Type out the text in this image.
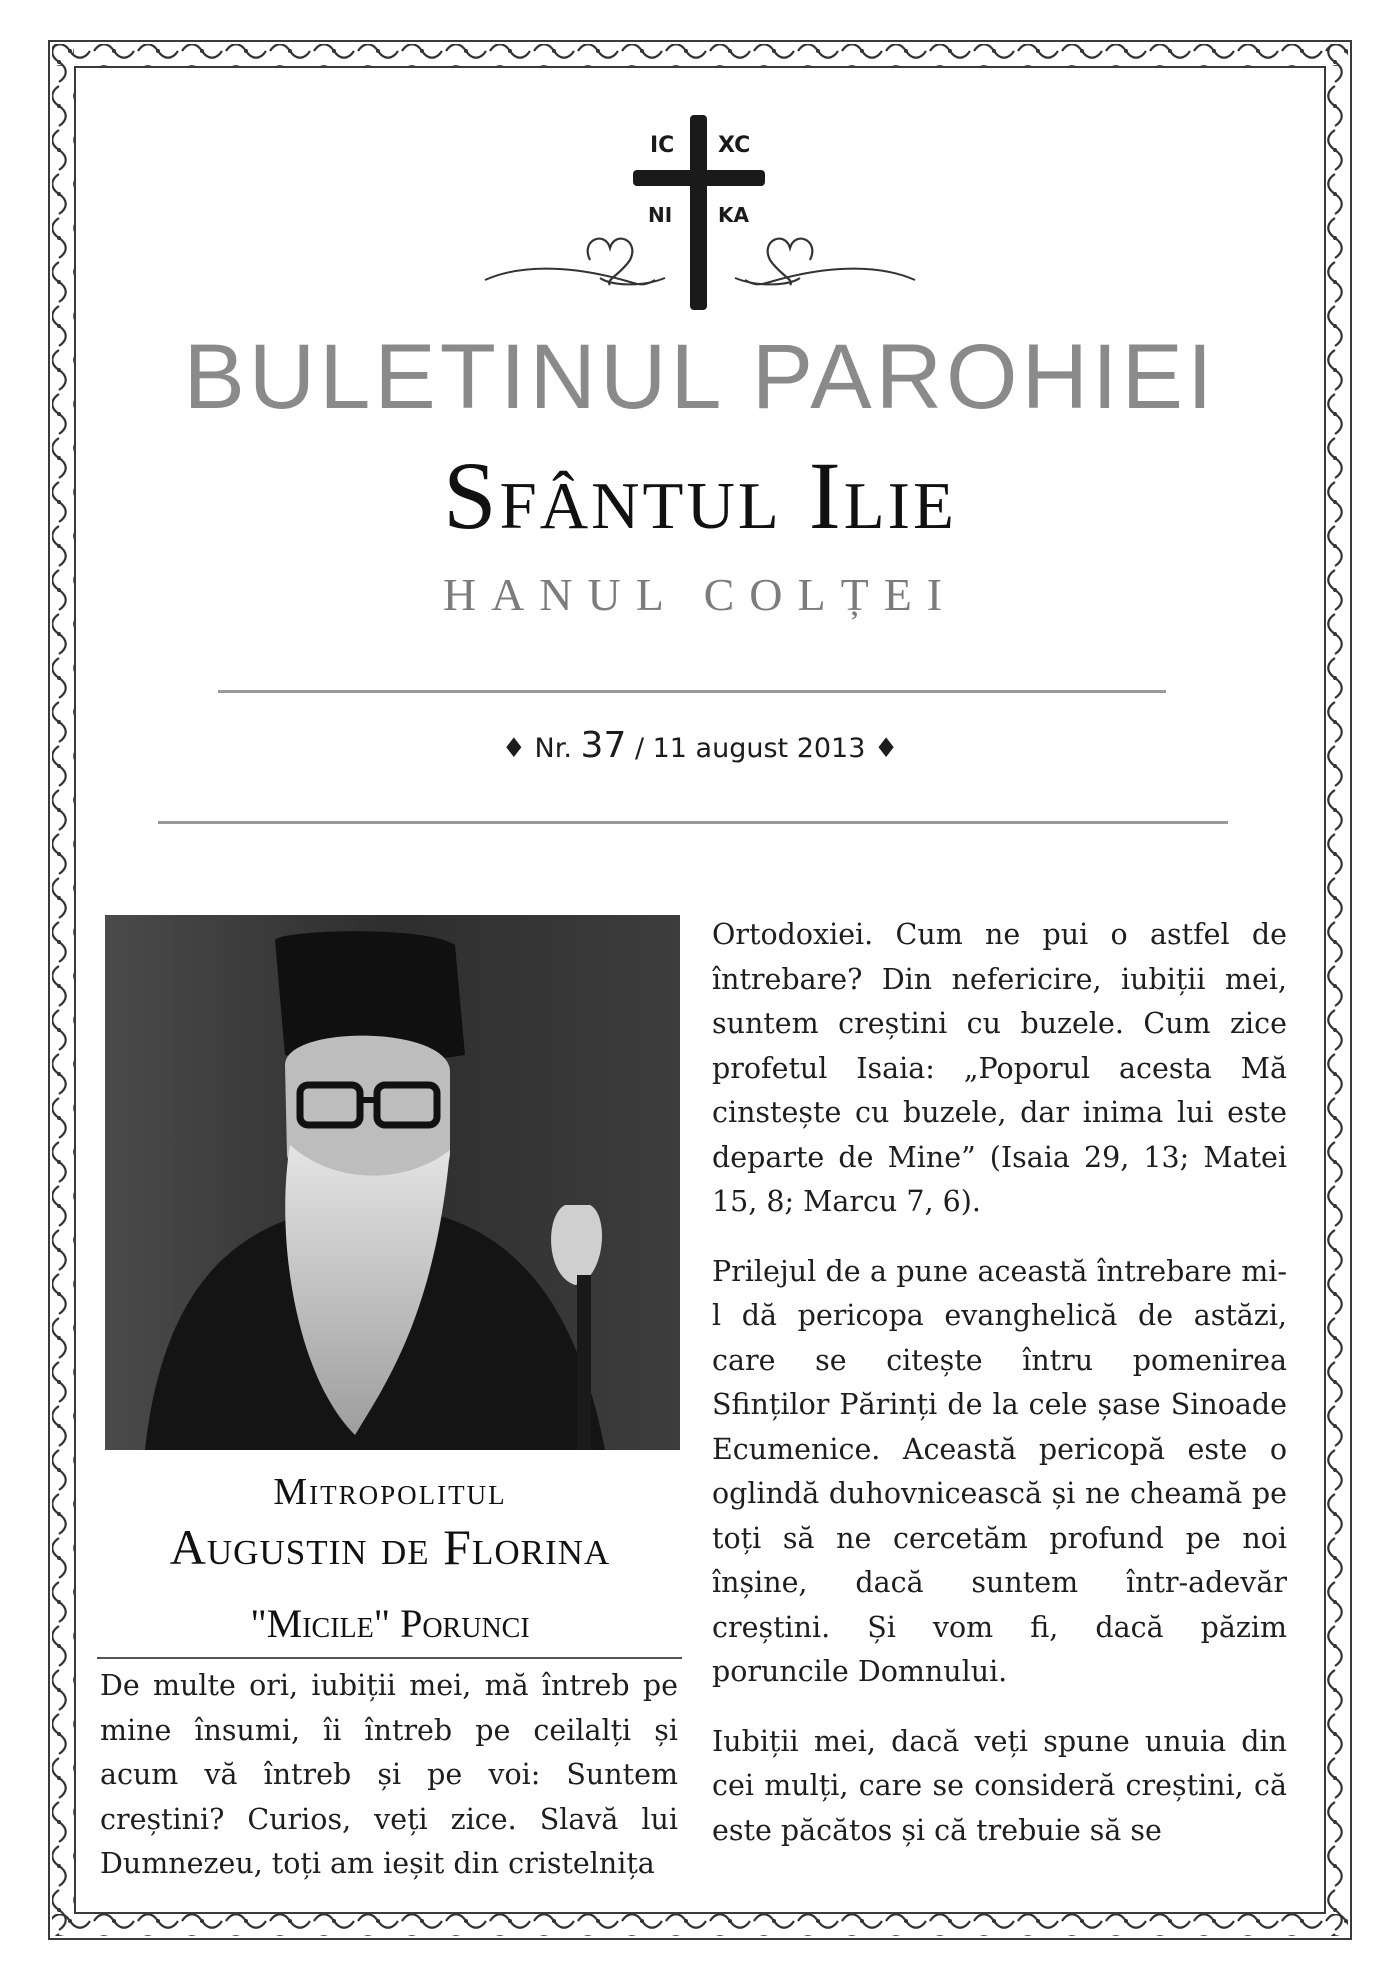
IC XC
NI KA
BULETINUL PAROHIEI
Sfântul Ilie
HANUL COLȚEI
♦ Nr. 37 / 11 august 2013 ♦
Mitropolitul
Augustin de Florina
"Micile" Porunci

De multe ori, iubiții mei, mă întreb pe mine însumi, îi întreb pe ceilalți și acum vă întreb și pe voi: Suntem creștini? Curios, veți zice. Slavă lui Dumnezeu, toți am ieșit din cristelnița

Ortodoxiei. Cum ne pui o astfel de întrebare? Din nefericire, iubiții mei, suntem creștini cu buzele. Cum zice profetul Isaia: „Poporul acesta Mă cinstește cu buzele, dar inima lui este departe de Mine” (Isaia 29, 13; Matei 15, 8; Marcu 7, 6).

Prilejul de a pune această întrebare mi-l dă pericopa evanghelică de astăzi, care se citește întru pomenirea Sfinților Părinți de la cele șase Sinoade Ecumenice. Această pericopă este o oglindă duhovnicească și ne cheamă pe toți să ne cercetăm profund pe noi înșine, dacă suntem într-adevăr creștini. Și vom fi, dacă păzim poruncile Domnului.

Iubiții mei, dacă veți spune unuia din cei mulți, care se consideră creștini, că este păcătos și că trebuie să se
